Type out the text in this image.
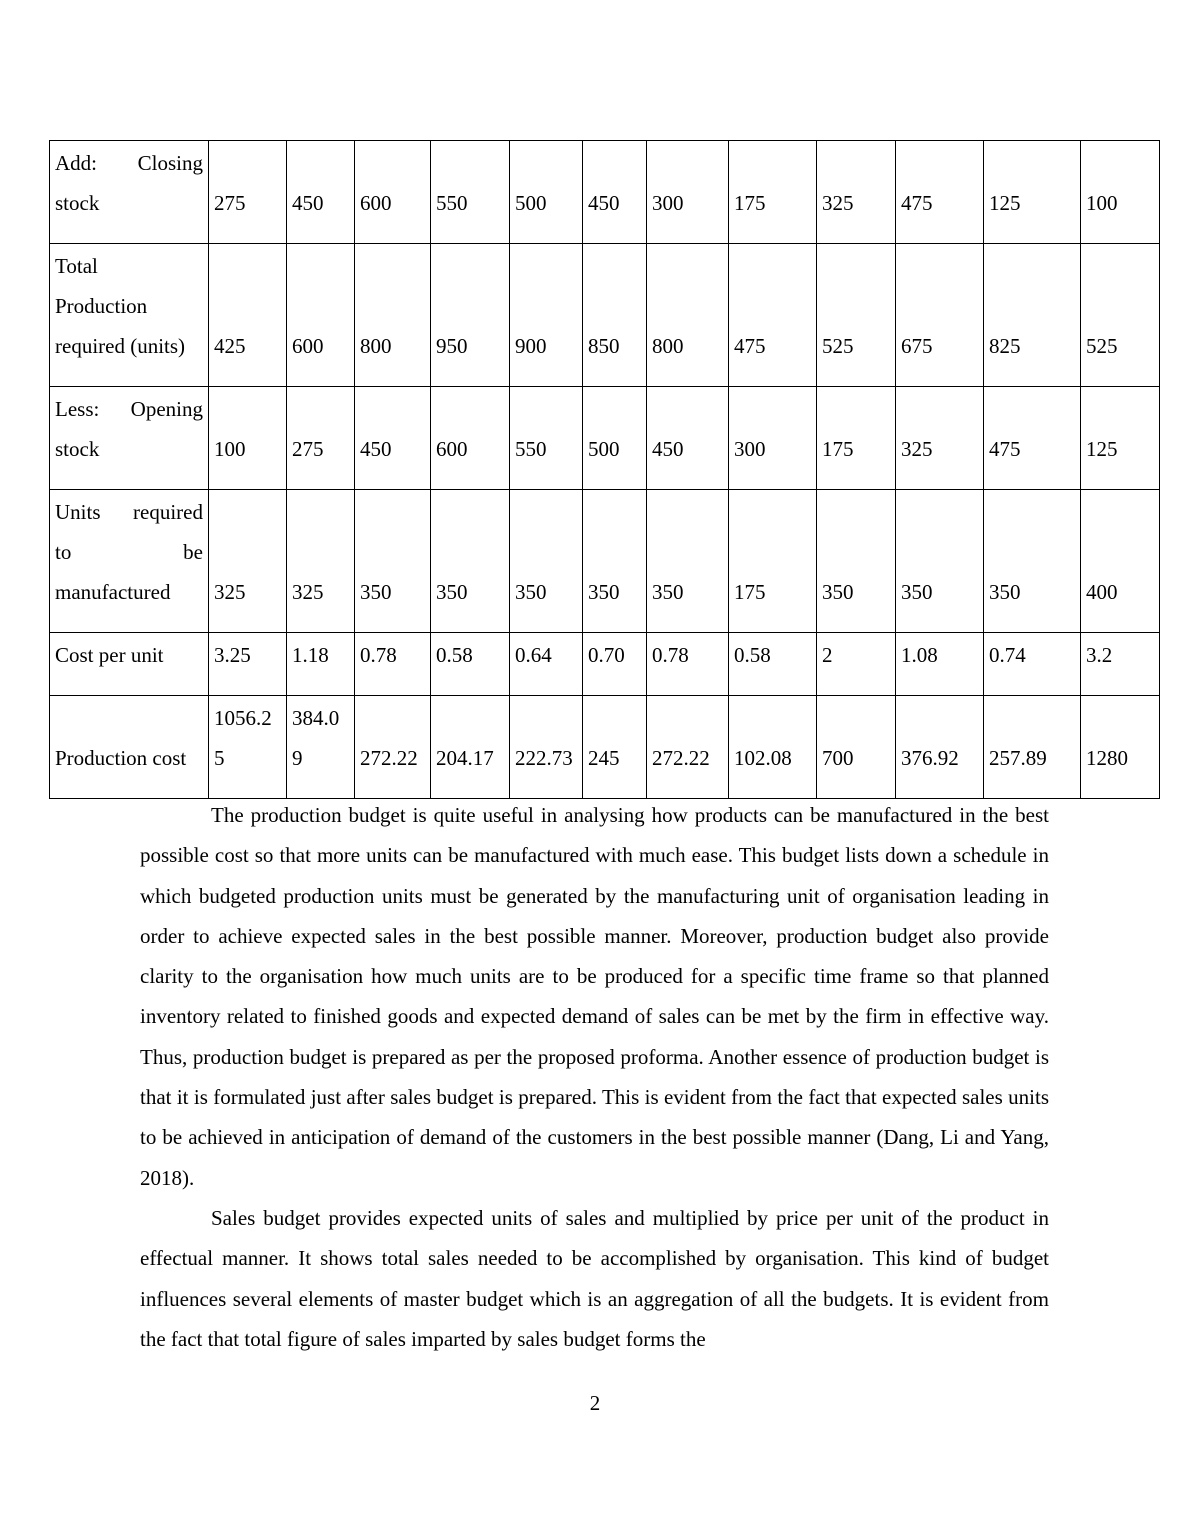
Add: Closing
stock	275	450	600	550	500	450	300	175	325	475	125	100

Total
Production
required (units)	425	600	800	950	900	850	800	475	525	675	825	525

Less: Opening
stock	100	275	450	600	550	500	450	300	175	325	475	125

Units required
to be
manufactured	325	325	350	350	350	350	350	175	350	350	350	400

Cost per unit	3.25	1.18	0.78	0.58	0.64	0.70	0.78	0.58	2	1.08	0.74	3.2

Production cost	1056.25	384.09	272.22	204.17	222.73	245	272.22	102.08	700	376.92	257.89	1280

The production budget is quite useful in analysing how products can be manufactured in the best possible cost so that more units can be manufactured with much ease. This budget lists down a schedule in which budgeted production units must be generated by the manufacturing unit of organisation leading in order to achieve expected sales in the best possible manner. Moreover, production budget also provide clarity to the organisation how much units are to be produced for a specific time frame so that planned inventory related to finished goods and expected demand of sales can be met by the firm in effective way. Thus, production budget is prepared as per the proposed proforma. Another essence of production budget is that it is formulated just after sales budget is prepared. This is evident from the fact that expected sales units to be achieved in anticipation of demand of the customers in the best possible manner (Dang, Li and Yang, 2018).

Sales budget provides expected units of sales and multiplied by price per unit of the product in effectual manner. It shows total sales needed to be accomplished by organisation. This kind of budget influences several elements of master budget which is an aggregation of all the budgets. It is evident from the fact that total figure of sales imparted by sales budget forms the

2
